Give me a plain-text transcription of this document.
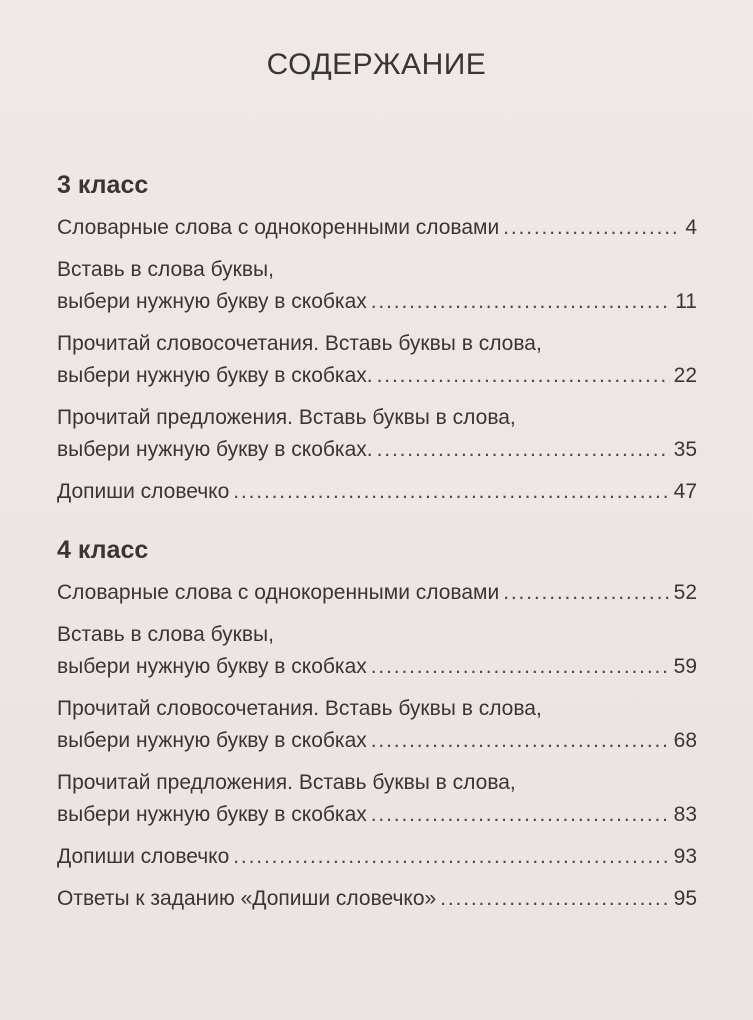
СОДЕРЖАНИЕ
3 класс
Словарные слова с однокоренными словами . . .	4
Вставь в слова буквы,
выбери нужную букву в скобках . . .	11
Прочитай словосочетания. Вставь буквы в слова,
выбери нужную букву в скобках. . . .	22
Прочитай предложения. Вставь буквы в слова,
выбери нужную букву в скобках. . . .	35
Допиши словечко . . .	47
4 класс
Словарные слова с однокоренными словами . . .	52
Вставь в слова буквы,
выбери нужную букву в скобках . . .	59
Прочитай словосочетания. Вставь буквы в слова,
выбери нужную букву в скобках . . .	68
Прочитай предложения. Вставь буквы в слова,
выбери нужную букву в скобках . . .	83
Допиши словечко . . .	93
Ответы к заданию «Допиши словечко» . . .	95
